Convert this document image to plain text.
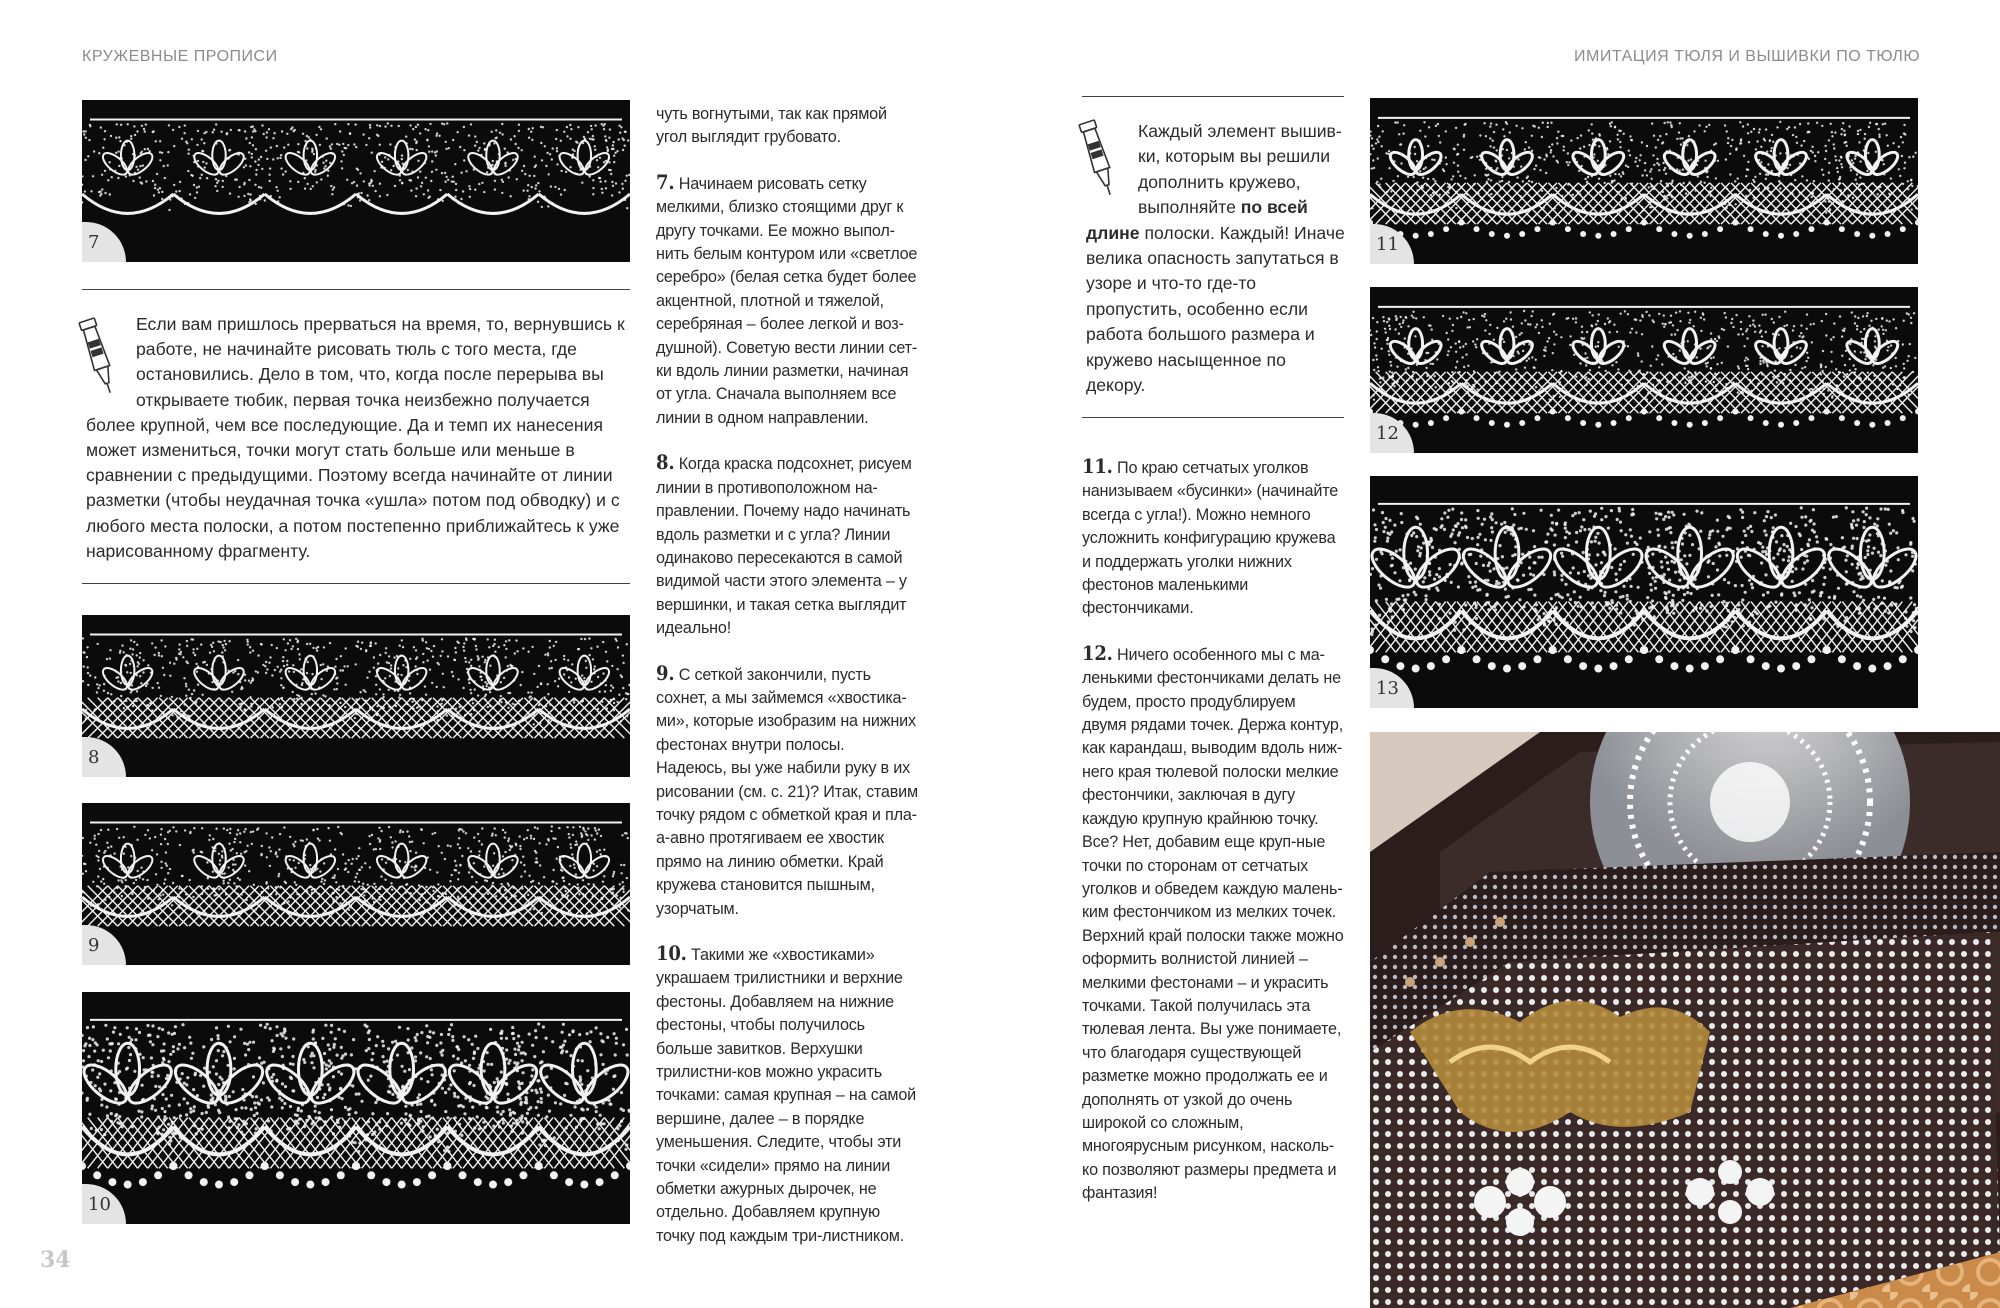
КРУЖЕВНЫЕ ПРОПИСИ	ИМИТАЦИЯ ТЮЛЯ И ВЫШИВКИ ПО ТЮЛЮ
7
Если вам пришлось прерваться на время, то, вернувшись к работе, не начинайте рисовать тюль с того места, где остановились. Дело в том, что, когда после перерыва вы открываете тюбик, первая точка неизбежно получается более крупной, чем все последующие. Да и темп их нанесения может измениться, точки могут стать больше или меньше в сравнении с предыдущими. Поэтому всегда начинайте от линии разметки (чтобы неудачная точка «ушла» потом под обводку) и с любого места полоски, а потом постепенно приближайтесь к уже нарисованному фрагменту.
8
9
10
34

чуть вогнутыми, так как прямой угол выглядит грубовато.

7. Начинаем рисовать сетку мелкими, близко стоящими друг к другу точками. Ее можно выпол-нить белым контуром или «светлое серебро» (белая сетка будет более акцентной, плотной и тяжелой, серебряная – более легкой и воз-душной). Советую вести линии сет-ки вдоль линии разметки, начиная от угла. Сначала выполняем все линии в одном направлении.

8. Когда краска подсохнет, рисуем линии в противоположном на-правлении. Почему надо начинать вдоль разметки и с угла? Линии одинаково пересекаются в самой видимой части этого элемента – у вершинки, и такая сетка выглядит идеально!

9. С сеткой закончили, пусть сохнет, а мы займемся «хвостика-ми», которые изобразим на нижних фестонах внутри полосы. Надеюсь, вы уже набили руку в их рисовании (см. с. 21)? Итак, ставим точку рядом с обметкой края и пла-а-авно протягиваем ее хвостик прямо на линию обметки. Край кружева становится пышным, узорчатым.

10. Такими же «хвостиками» украшаем трилистники и верхние фестоны. Добавляем на нижние фестоны, чтобы получилось больше завитков. Верхушки трилистни-ков можно украсить точками: самая крупная – на самой вершине, далее – в порядке уменьшения. Следите, чтобы эти точки «сидели» прямо на линии обметки ажурных дырочек, не отдельно. Добавляем крупную точку под каждым три-листником.

Каждый элемент вышив-ки, которым вы решили дополнить кружево, выполняйте по всей длине полоски. Каждый! Иначе велика опасность запутаться в узоре и что-то где-то пропустить, особенно если работа большого размера и кружево насыщенное по декору.

11. По краю сетчатых уголков нанизываем «бусинки» (начинайте всегда с угла!). Можно немного усложнить конфигурацию кружева и поддержать уголки нижних фестонов маленькими фестончиками.

12. Ничего особенного мы с ма-ленькими фестончиками делать не будем, просто продублируем двумя рядами точек. Держа контур, как карандаш, выводим вдоль ниж-него края тюлевой полоски мелкие фестончики, заключая в дугу каждую крупную крайнюю точку. Все? Нет, добавим еще круп-ные точки по сторонам от сетчатых уголков и обведем каждую малень-ким фестончиком из мелких точек. Верхний край полоски также можно оформить волнистой линией – мелкими фестонами – и украсить точками. Такой получилась эта тюлевая лента. Вы уже понимаете, что благодаря существующей разметке можно продолжать ее и дополнять от узкой до очень широкой со сложным, многоярусным рисунком, насколь-ко позволяют размеры предмета и фантазия!

11
12
13
